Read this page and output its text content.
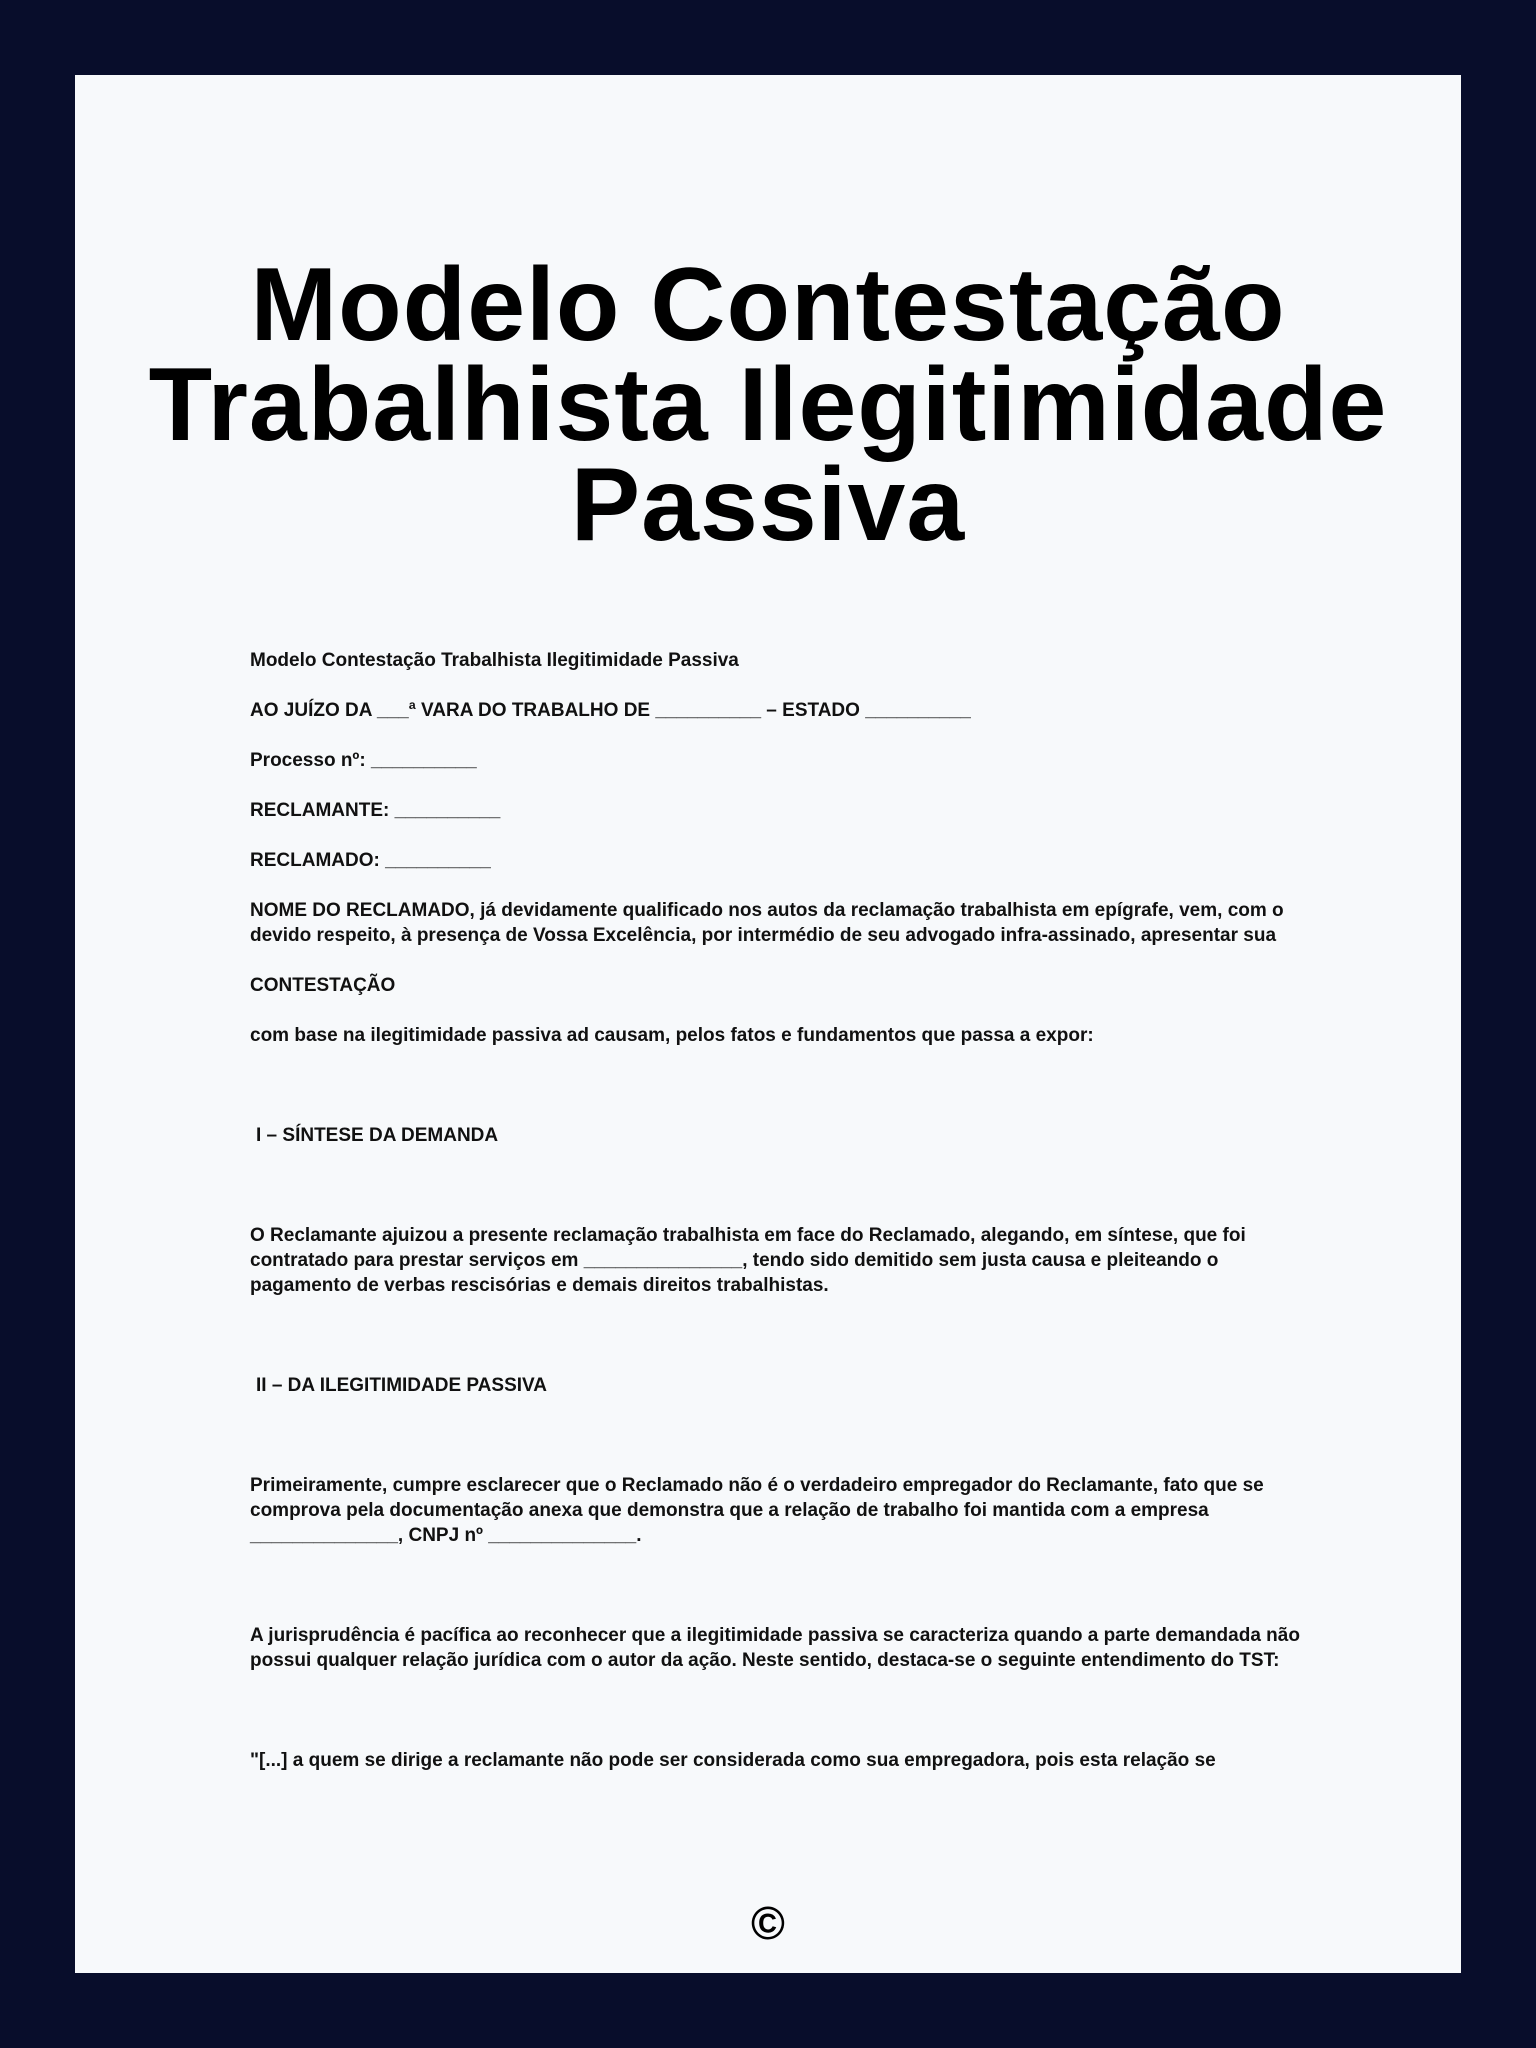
Modelo Contestação
Trabalhista Ilegitimidade
Passiva

Modelo Contestação Trabalhista Ilegitimidade Passiva

AO JUÍZO DA ___ª VARA DO TRABALHO DE __________ – ESTADO __________

Processo nº: __________

RECLAMANTE: __________

RECLAMADO: __________

NOME DO RECLAMADO, já devidamente qualificado nos autos da reclamação trabalhista em epígrafe, vem, com o devido respeito, à presença de Vossa Excelência, por intermédio de seu advogado infra-assinado, apresentar sua

CONTESTAÇÃO

com base na ilegitimidade passiva ad causam, pelos fatos e fundamentos que passa a expor:

I – SÍNTESE DA DEMANDA

O Reclamante ajuizou a presente reclamação trabalhista em face do Reclamado, alegando, em síntese, que foi contratado para prestar serviços em _______________, tendo sido demitido sem justa causa e pleiteando o pagamento de verbas rescisórias e demais direitos trabalhistas.

II – DA ILEGITIMIDADE PASSIVA

Primeiramente, cumpre esclarecer que o Reclamado não é o verdadeiro empregador do Reclamante, fato que se comprova pela documentação anexa que demonstra que a relação de trabalho foi mantida com a empresa ______________, CNPJ nº ______________.

A jurisprudência é pacífica ao reconhecer que a ilegitimidade passiva se caracteriza quando a parte demandada não possui qualquer relação jurídica com o autor da ação. Neste sentido, destaca-se o seguinte entendimento do TST:

"[...] a quem se dirige a reclamante não pode ser considerada como sua empregadora, pois esta relação se

©
